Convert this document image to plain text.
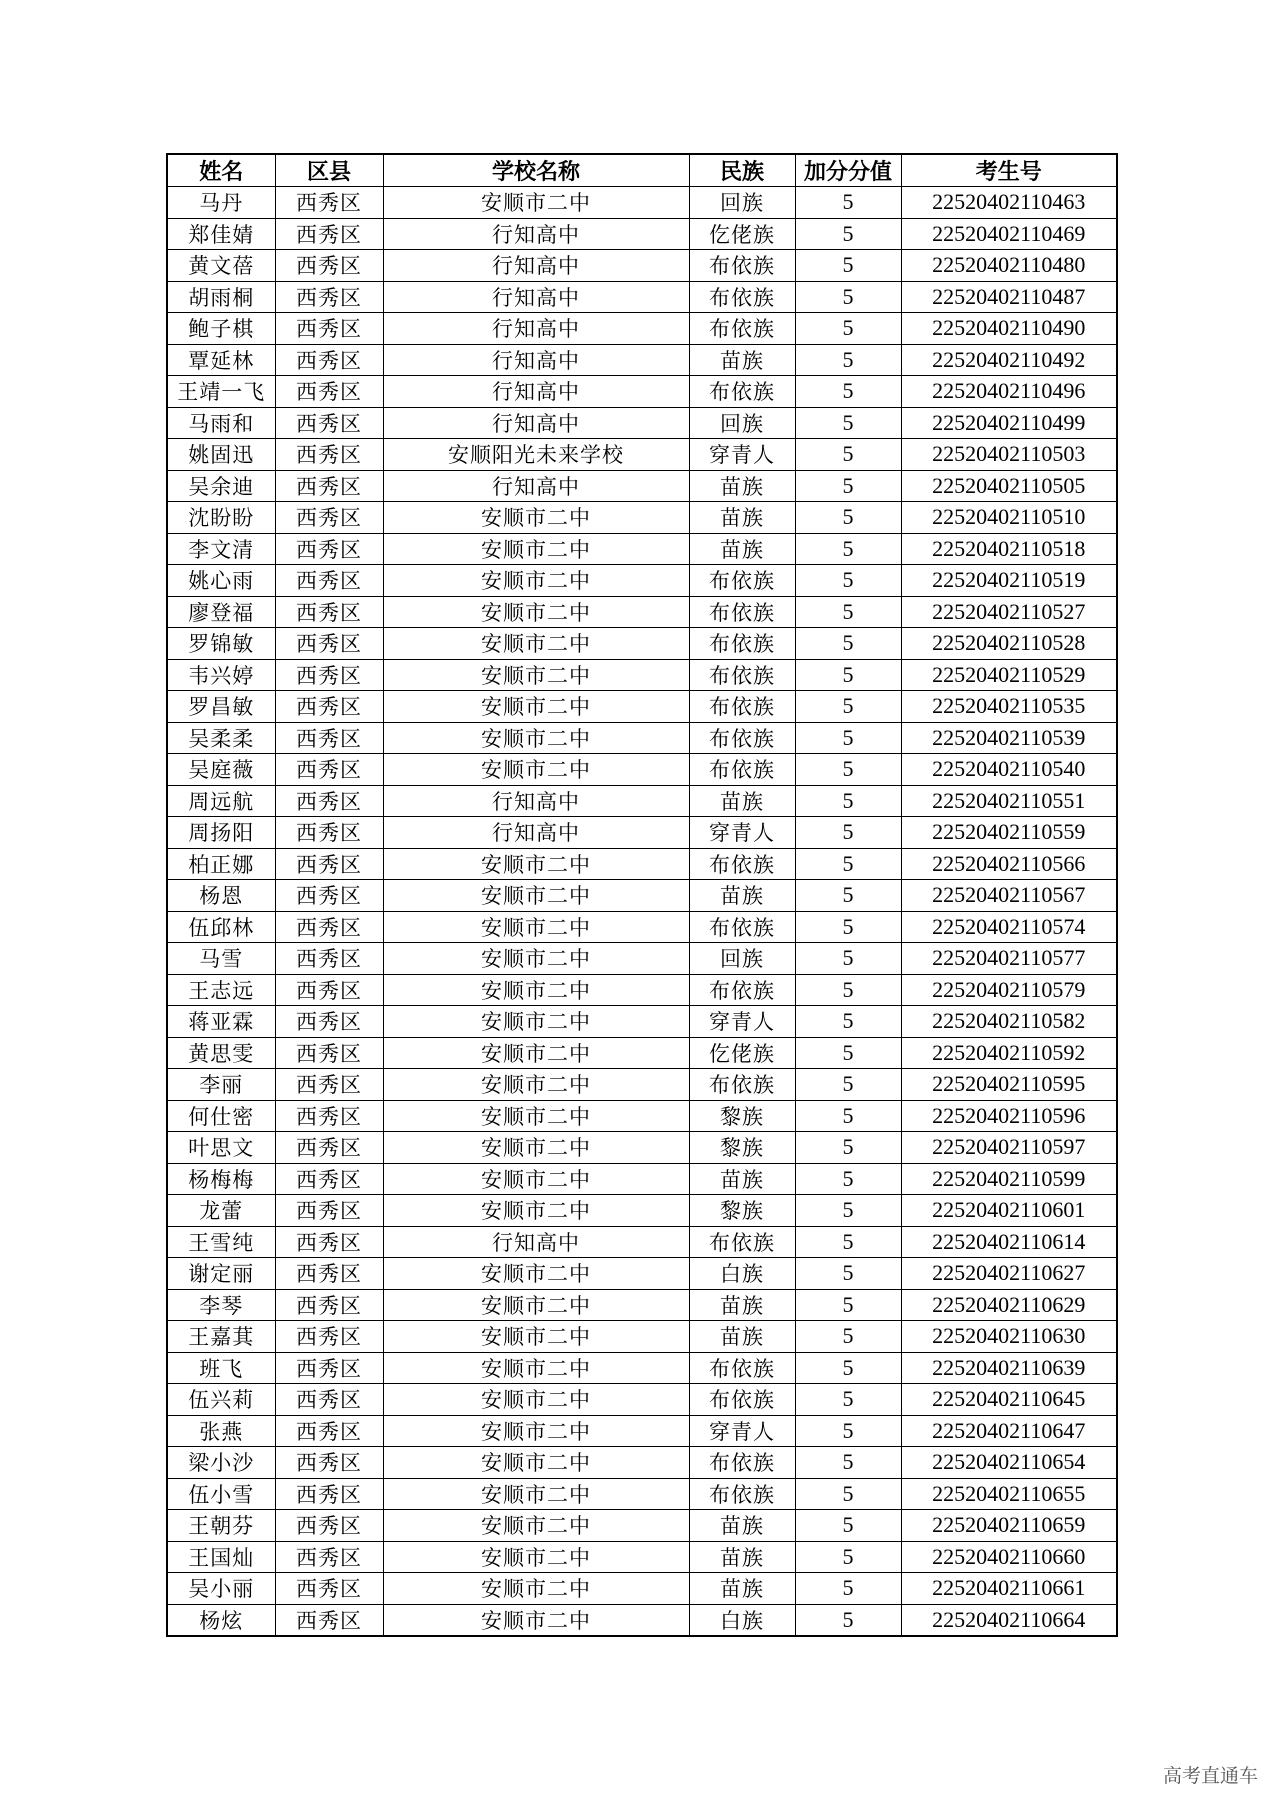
姓名	区县	学校名称	民族	加分分值	考生号
马丹	西秀区	安顺市二中	回族	5	22520402110463
郑佳婧	西秀区	行知高中	仡佬族	5	22520402110469
黄文蓓	西秀区	行知高中	布依族	5	22520402110480
胡雨桐	西秀区	行知高中	布依族	5	22520402110487
鲍子棋	西秀区	行知高中	布依族	5	22520402110490
覃延林	西秀区	行知高中	苗族	5	22520402110492
王靖一飞	西秀区	行知高中	布依族	5	22520402110496
马雨和	西秀区	行知高中	回族	5	22520402110499
姚固迅	西秀区	安顺阳光未来学校	穿青人	5	22520402110503
吴余迪	西秀区	行知高中	苗族	5	22520402110505
沈盼盼	西秀区	安顺市二中	苗族	5	22520402110510
李文清	西秀区	安顺市二中	苗族	5	22520402110518
姚心雨	西秀区	安顺市二中	布依族	5	22520402110519
廖登福	西秀区	安顺市二中	布依族	5	22520402110527
罗锦敏	西秀区	安顺市二中	布依族	5	22520402110528
韦兴婷	西秀区	安顺市二中	布依族	5	22520402110529
罗昌敏	西秀区	安顺市二中	布依族	5	22520402110535
吴柔柔	西秀区	安顺市二中	布依族	5	22520402110539
吴庭薇	西秀区	安顺市二中	布依族	5	22520402110540
周远航	西秀区	行知高中	苗族	5	22520402110551
周扬阳	西秀区	行知高中	穿青人	5	22520402110559
柏正娜	西秀区	安顺市二中	布依族	5	22520402110566
杨恩	西秀区	安顺市二中	苗族	5	22520402110567
伍邱林	西秀区	安顺市二中	布依族	5	22520402110574
马雪	西秀区	安顺市二中	回族	5	22520402110577
王志远	西秀区	安顺市二中	布依族	5	22520402110579
蒋亚霖	西秀区	安顺市二中	穿青人	5	22520402110582
黄思雯	西秀区	安顺市二中	仡佬族	5	22520402110592
李丽	西秀区	安顺市二中	布依族	5	22520402110595
何仕密	西秀区	安顺市二中	黎族	5	22520402110596
叶思文	西秀区	安顺市二中	黎族	5	22520402110597
杨梅梅	西秀区	安顺市二中	苗族	5	22520402110599
龙蕾	西秀区	安顺市二中	黎族	5	22520402110601
王雪纯	西秀区	行知高中	布依族	5	22520402110614
谢定丽	西秀区	安顺市二中	白族	5	22520402110627
李琴	西秀区	安顺市二中	苗族	5	22520402110629
王嘉萁	西秀区	安顺市二中	苗族	5	22520402110630
班飞	西秀区	安顺市二中	布依族	5	22520402110639
伍兴莉	西秀区	安顺市二中	布依族	5	22520402110645
张燕	西秀区	安顺市二中	穿青人	5	22520402110647
梁小沙	西秀区	安顺市二中	布依族	5	22520402110654
伍小雪	西秀区	安顺市二中	布依族	5	22520402110655
王朝芬	西秀区	安顺市二中	苗族	5	22520402110659
王国灿	西秀区	安顺市二中	苗族	5	22520402110660
吴小丽	西秀区	安顺市二中	苗族	5	22520402110661
杨炫	西秀区	安顺市二中	白族	5	22520402110664
高考直通车
